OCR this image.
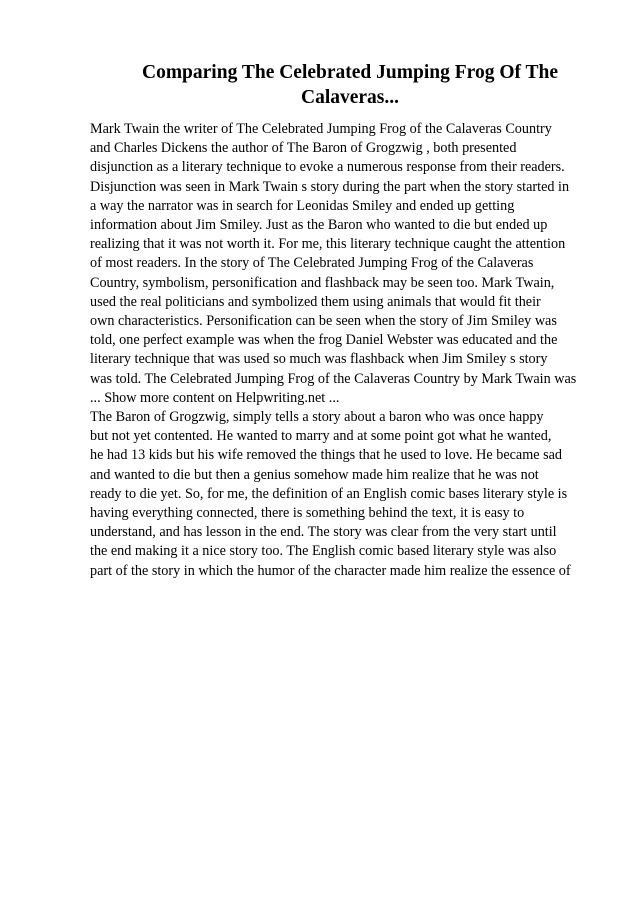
Comparing The Celebrated Jumping Frog Of The
Calaveras...
Mark Twain the writer of The Celebrated Jumping Frog of the Calaveras Country
and Charles Dickens the author of The Baron of Grogzwig , both presented
disjunction as a literary technique to evoke a numerous response from their readers.
Disjunction was seen in Mark Twain s story during the part when the story started in
a way the narrator was in search for Leonidas Smiley and ended up getting
information about Jim Smiley. Just as the Baron who wanted to die but ended up
realizing that it was not worth it. For me, this literary technique caught the attention
of most readers. In the story of The Celebrated Jumping Frog of the Calaveras
Country, symbolism, personification and flashback may be seen too. Mark Twain,
used the real politicians and symbolized them using animals that would fit their
own characteristics. Personification can be seen when the story of Jim Smiley was
told, one perfect example was when the frog Daniel Webster was educated and the
literary technique that was used so much was flashback when Jim Smiley s story
was told. The Celebrated Jumping Frog of the Calaveras Country by Mark Twain was
... Show more content on Helpwriting.net ...
The Baron of Grogzwig, simply tells a story about a baron who was once happy
but not yet contented. He wanted to marry and at some point got what he wanted,
he had 13 kids but his wife removed the things that he used to love. He became sad
and wanted to die but then a genius somehow made him realize that he was not
ready to die yet. So, for me, the definition of an English comic bases literary style is
having everything connected, there is something behind the text, it is easy to
understand, and has lesson in the end. The story was clear from the very start until
the end making it a nice story too. The English comic based literary style was also
part of the story in which the humor of the character made him realize the essence of
